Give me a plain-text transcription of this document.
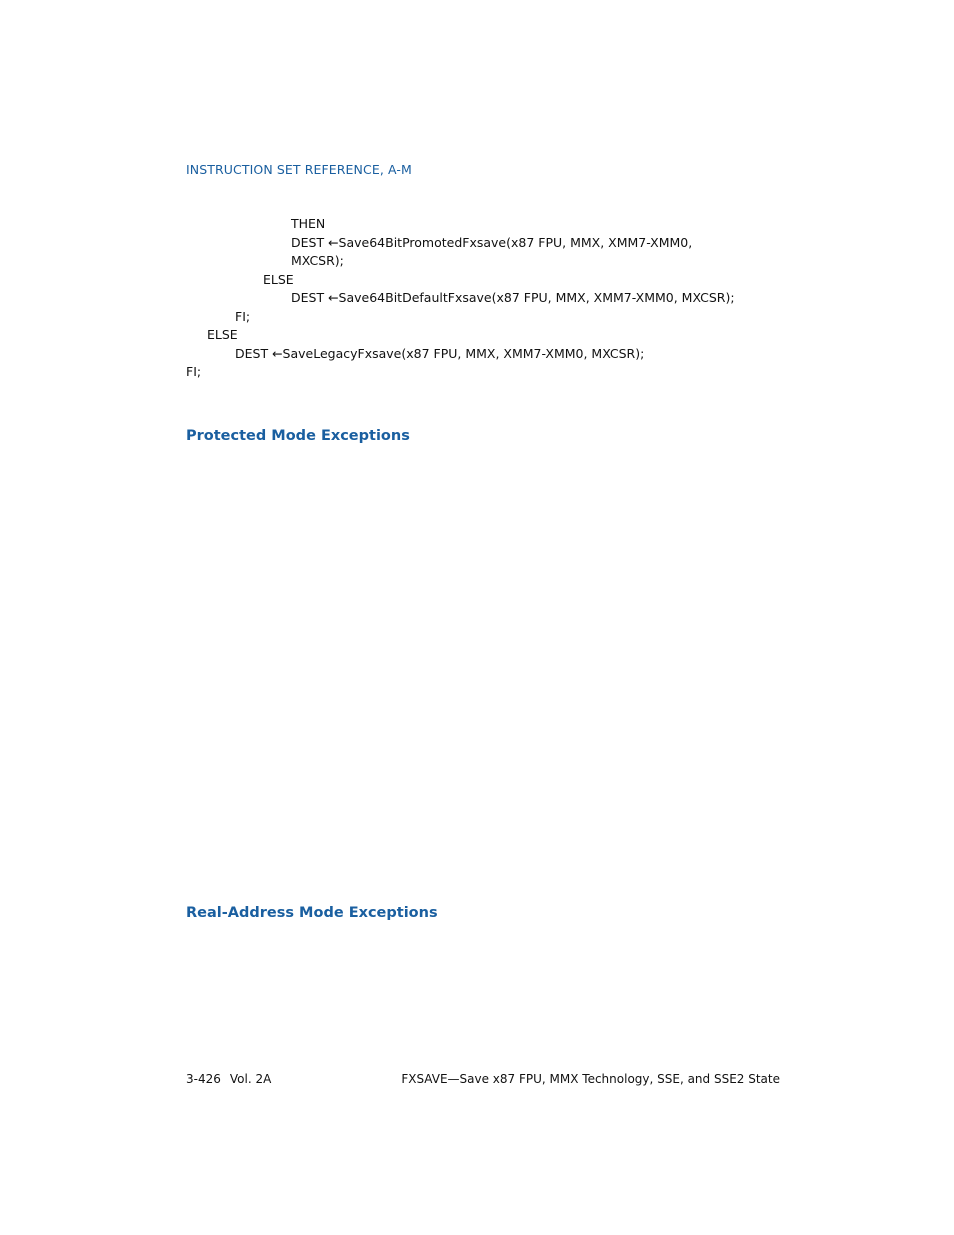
INSTRUCTION SET REFERENCE, A-M
THEN
DEST ←Save64BitPromotedFxsave(x87 FPU, MMX, XMM7-XMM0,
MXCSR);
ELSE
DEST ←Save64BitDefaultFxsave(x87 FPU, MMX, XMM7-XMM0, MXCSR);
FI;
ELSE
DEST ←SaveLegacyFxsave(x87 FPU, MMX, XMM7-XMM0, MXCSR);
FI;
Protected Mode Exceptions
Real-Address Mode Exceptions
3-426 Vol. 2A	FXSAVE—Save x87 FPU, MMX Technology, SSE, and SSE2 State
